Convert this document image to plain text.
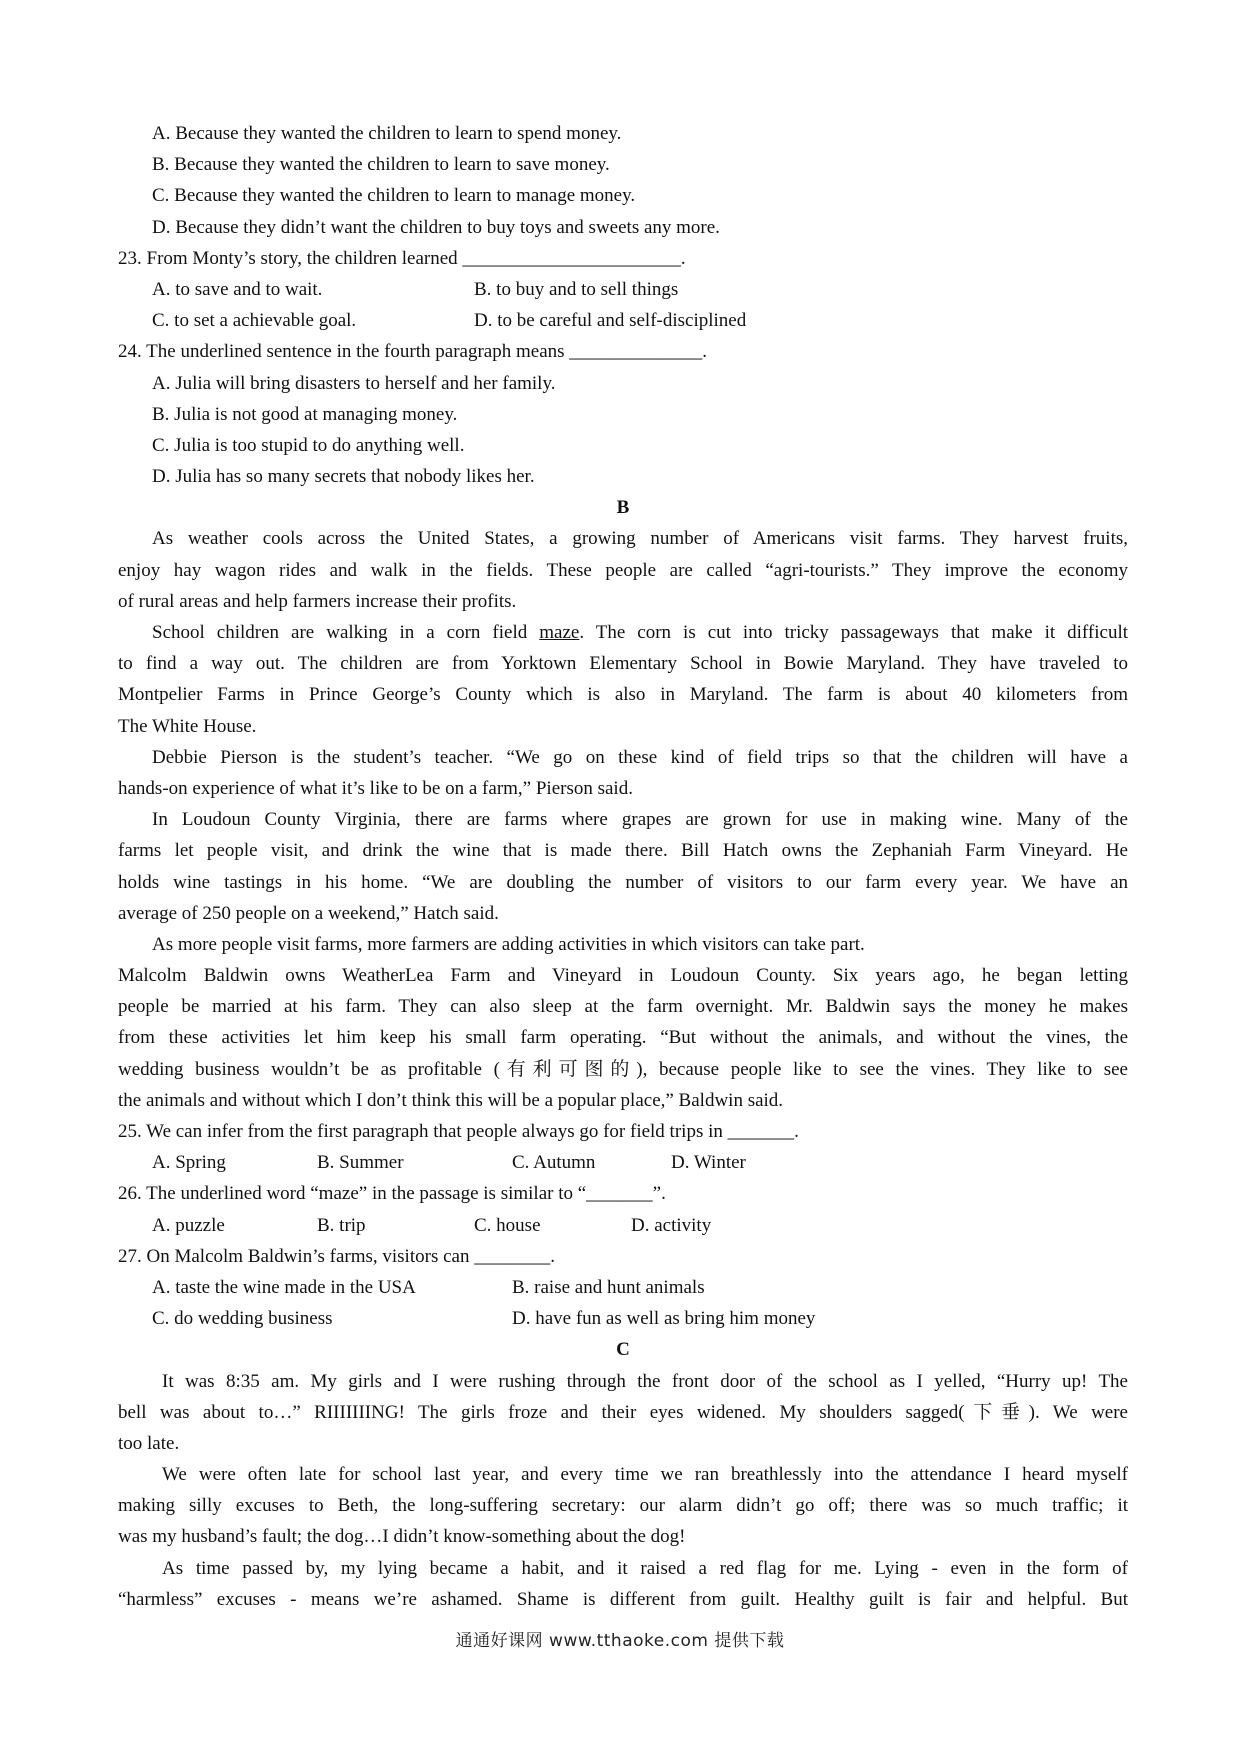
A. Because they wanted the children to learn to spend money.
B. Because they wanted the children to learn to save money.
C. Because they wanted the children to learn to manage money.
D. Because they didn’t want the children to buy toys and sweets any more.
23. From Monty’s story, the children learned _______________________.
A. to save and to wait.	B. to buy and to sell things
C. to set a achievable goal.	D. to be careful and self-disciplined
24. The underlined sentence in the fourth paragraph means ______________.
A. Julia will bring disasters to herself and her family.
B. Julia is not good at managing money.
C. Julia is too stupid to do anything well.
D. Julia has so many secrets that nobody likes her.
B
As weather cools across the United States, a growing number of Americans visit farms. They harvest fruits,
enjoy hay wagon rides and walk in the fields. These people are called “agri-tourists.” They improve the economy
of rural areas and help farmers increase their profits.
School children are walking in a corn field maze. The corn is cut into tricky passageways that make it difficult
to find a way out. The children are from Yorktown Elementary School in Bowie Maryland. They have traveled to
Montpelier Farms in Prince George’s County which is also in Maryland. The farm is about 40 kilometers from
The White House.
Debbie Pierson is the student’s teacher. “We go on these kind of field trips so that the children will have a
hands-on experience of what it’s like to be on a farm,” Pierson said.
In Loudoun County Virginia, there are farms where grapes are grown for use in making wine. Many of the
farms let people visit, and drink the wine that is made there. Bill Hatch owns the Zephaniah Farm Vineyard. He
holds wine tastings in his home. “We are doubling the number of visitors to our farm every year. We have an
average of 250 people on a weekend,” Hatch said.
As more people visit farms, more farmers are adding activities in which visitors can take part.
Malcolm Baldwin owns WeatherLea Farm and Vineyard in Loudoun County. Six years ago, he began letting
people be married at his farm. They can also sleep at the farm overnight. Mr. Baldwin says the money he makes
from these activities let him keep his small farm operating. “But without the animals, and without the vines, the
wedding business wouldn’t be as profitable (有利可图的), because people like to see the vines. They like to see
the animals and without which I don’t think this will be a popular place,” Baldwin said.
25. We can infer from the first paragraph that people always go for field trips in _______.
A. Spring	B. Summer	C. Autumn	D. Winter
26. The underlined word “maze” in the passage is similar to “_______”.
A. puzzle	B. trip	C. house	D. activity
27. On Malcolm Baldwin’s farms, visitors can ________.
A. taste the wine made in the USA	B. raise and hunt animals
C. do wedding business	D. have fun as well as bring him money
C
It was 8:35 am. My girls and I were rushing through the front door of the school as I yelled, “Hurry up! The
bell was about to…” RIIIIIIING! The girls froze and their eyes widened. My shoulders sagged(下垂). We were
too late.
We were often late for school last year, and every time we ran breathlessly into the attendance I heard myself
making silly excuses to Beth, the long-suffering secretary: our alarm didn’t go off; there was so much traffic; it
was my husband’s fault; the dog…I didn’t know-something about the dog!
As time passed by, my lying became a habit, and it raised a red flag for me. Lying - even in the form of
“harmless” excuses - means we’re ashamed. Shame is different from guilt. Healthy guilt is fair and helpful. But
通通好课网 www.tthaoke.com 提供下载
